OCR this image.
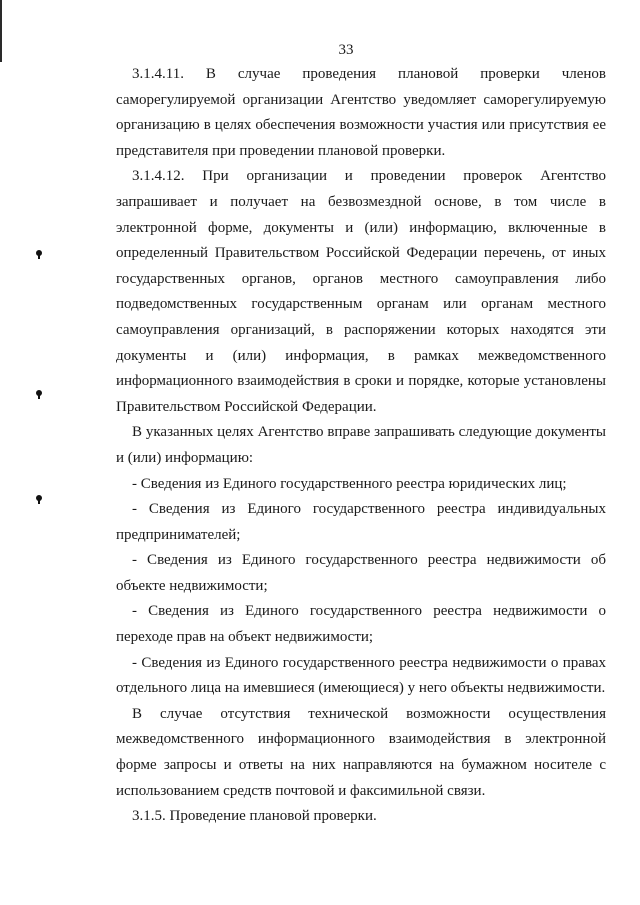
33

3.1.4.11. В случае проведения плановой проверки членов саморегулируемой организации Агентство уведомляет саморегулируемую организацию в целях обеспечения возможности участия или присутствия ее представителя при проведении плановой проверки.

3.1.4.12. При организации и проведении проверок Агентство запрашивает и получает на безвозмездной основе, в том числе в электронной форме, документы и (или) информацию, включенные в определенный Правительством Российской Федерации перечень, от иных государственных органов, органов местного самоуправления либо подведомственных государственным органам или органам местного самоуправления организаций, в распоряжении которых находятся эти документы и (или) информация, в рамках межведомственного информационного взаимодействия в сроки и порядке, которые установлены Правительством Российской Федерации.

В указанных целях Агентство вправе запрашивать следующие документы и (или) информацию:

- Сведения из Единого государственного реестра юридических лиц;

- Сведения из Единого государственного реестра индивидуальных предпринимателей;

- Сведения из Единого государственного реестра недвижимости об объекте недвижимости;

- Сведения из Единого государственного реестра недвижимости о переходе прав на объект недвижимости;

- Сведения из Единого государственного реестра недвижимости о правах отдельного лица на имевшиеся (имеющиеся) у него объекты недвижимости.

В случае отсутствия технической возможности осуществления межведомственного информационного взаимодействия в электронной форме запросы и ответы на них направляются на бумажном носителе с использованием средств почтовой и факсимильной связи.

3.1.5. Проведение плановой проверки.
